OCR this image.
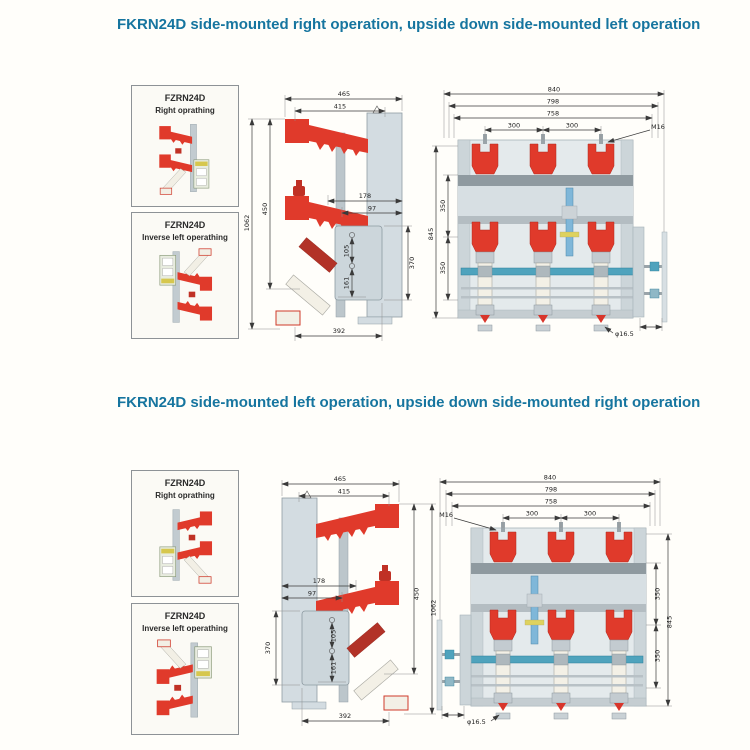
FKRN24D side-mounted right operation, upside down side-mounted left operation
FZRN24D
Right oprathing
FZRN24D
Inverse left operathing
465
415
450
1062
178
97
105
161
370
392
840
798
758
300	300	M16
845
350
350
φ16.5
FKRN24D side-mounted left operation, upside down side-mounted right operation
FZRN24D
Right oprathing
FZRN24D
Inverse left operathing
465
415
450
1062
178
97
105
161
370
392
840
798
758
300	300
M16
845
350
350
φ16.5
